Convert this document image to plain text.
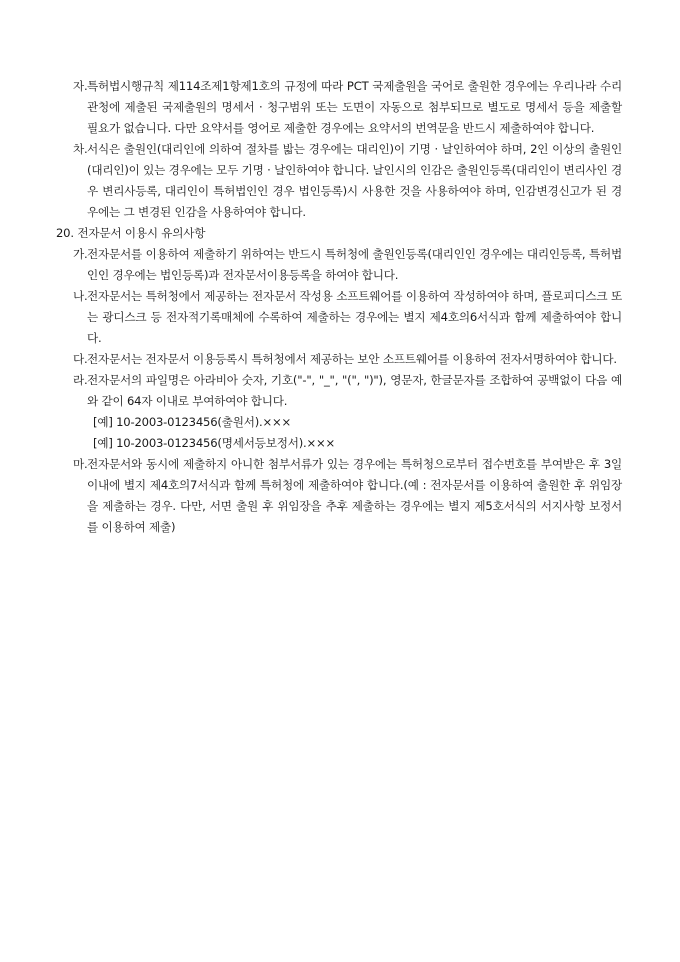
자. 특허법시행규칙 제114조제1항제1호의 규정에 따라 PCT 국제출원을 국어로 출원한 경우에는 우리나라 수리관청에 제출된 국제출원의 명세서 · 청구범위 또는 도면이 자동으로 첨부되므로 별도로 명세서 등을 제출할 필요가 없습니다. 다만 요약서를 영어로 제출한 경우에는 요약서의 번역문을 반드시 제출하여야 합니다.

차. 서식은 출원인(대리인에 의하여 절차를 밟는 경우에는 대리인)이 기명 · 날인하여야 하며, 2인 이상의 출원인(대리인)이 있는 경우에는 모두 기명 · 날인하여야 합니다. 날인시의 인감은 출원인등록(대리인이 변리사인 경우 변리사등록, 대리인이 특허법인인 경우 법인등록)시 사용한 것을 사용하여야 하며, 인감변경신고가 된 경우에는 그 변경된 인감을 사용하여야 합니다.

20. 전자문서 이용시 유의사항

가. 전자문서를 이용하여 제출하기 위하여는 반드시 특허청에 출원인등록(대리인인 경우에는 대리인등록, 특허법인인 경우에는 법인등록)과 전자문서이용등록을 하여야 합니다.

나. 전자문서는 특허청에서 제공하는 전자문서 작성용 소프트웨어를 이용하여 작성하여야 하며, 플로피디스크 또는 광디스크 등 전자적기록매체에 수록하여 제출하는 경우에는 별지 제4호의6서식과 함께 제출하여야 합니다.

다. 전자문서는 전자문서 이용등록시 특허청에서 제공하는 보안 소프트웨어를 이용하여 전자서명하여야 합니다.

라. 전자문서의 파일명은 아라비아 숫자, 기호("-", "_", "(", ")"), 영문자, 한글문자를 조합하여 공백없이 다음 예와 같이 64자 이내로 부여하여야 합니다.

[예] 10-2003-0123456(출원서).×××

[예] 10-2003-0123456(명세서등보정서).×××

마. 전자문서와 동시에 제출하지 아니한 첨부서류가 있는 경우에는 특허청으로부터 접수번호를 부여받은 후 3일 이내에 별지 제4호의7서식과 함께 특허청에 제출하여야 합니다.(예 : 전자문서를 이용하여 출원한 후 위임장을 제출하는 경우. 다만, 서면 출원 후 위임장을 추후 제출하는 경우에는 별지 제5호서식의 서지사항 보정서를 이용하여 제출)
